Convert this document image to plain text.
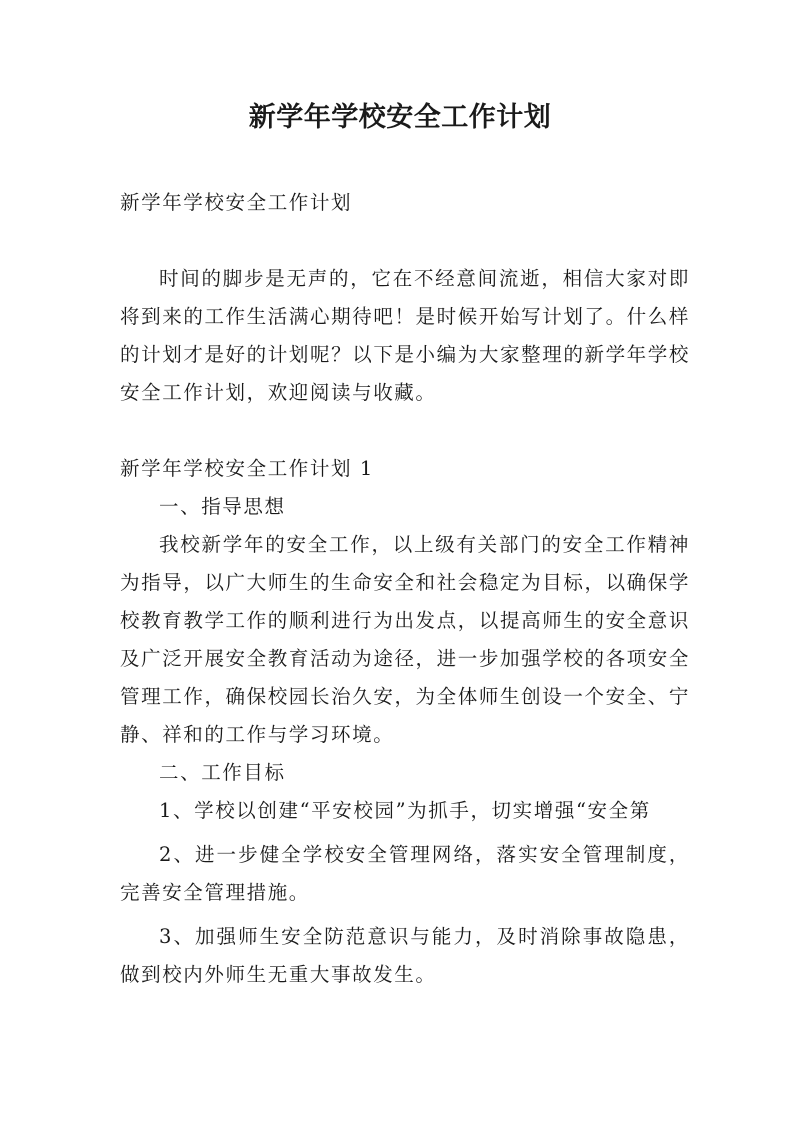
新学年学校安全工作计划

新学年学校安全工作计划

时间的脚步是无声的，它在不经意间流逝，相信大家对即将到来的工作生活满心期待吧！是时候开始写计划了。什么样的计划才是好的计划呢？以下是小编为大家整理的新学年学校安全工作计划，欢迎阅读与收藏。

新学年学校安全工作计划 1

一、指导思想

我校新学年的安全工作，以上级有关部门的安全工作精神为指导，以广大师生的生命安全和社会稳定为目标，以确保学校教育教学工作的顺利进行为出发点，以提高师生的安全意识及广泛开展安全教育活动为途径，进一步加强学校的各项安全管理工作，确保校园长治久安，为全体师生创设一个安全、宁静、祥和的工作与学习环境。

二、工作目标

1、学校以创建“平安校园”为抓手，切实增强“安全第

2、进一步健全学校安全管理网络，落实安全管理制度，完善安全管理措施。

3、加强师生安全防范意识与能力，及时消除事故隐患，做到校内外师生无重大事故发生。
